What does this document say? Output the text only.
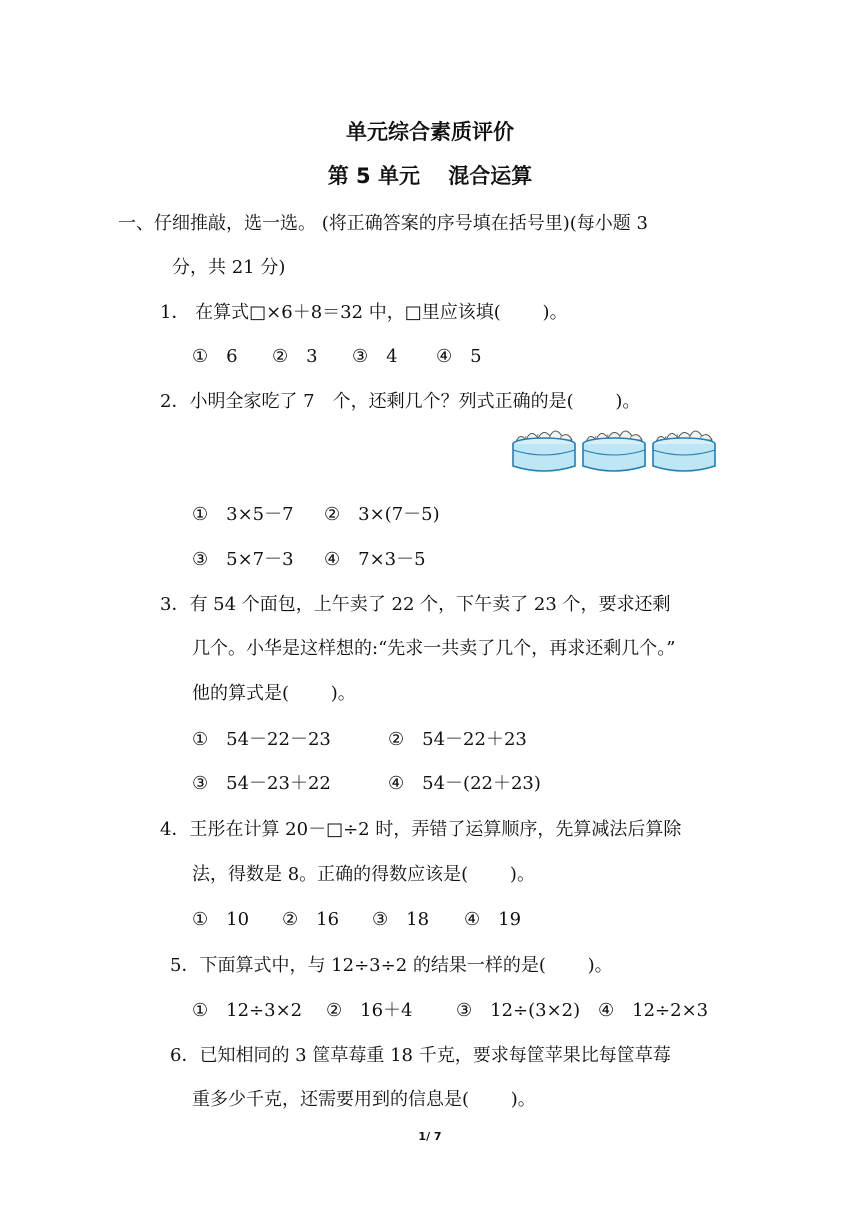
单元综合素质评价
第 5 单元　 混合运算
一、仔细推敲，选一选。 (将正确答案的序号填在括号里)(每小题 3
分，共 21 分)
1． 在算式□×6＋8＝32 中，□里应该填(　　 )。
①　6 ②　3 ③　4 ④　5
2．小明全家吃了 7　个，还剩几个？列式正确的是(　　 )。
①　3×5－7 ②　3×(7－5)
③　5×7－3 ④　7×3－5
3．有 54 个面包，上午卖了 22 个，下午卖了 23 个，要求还剩
几个。小华是这样想的:“先求一共卖了几个，再求还剩几个。”
他的算式是(　　 )。
①　54－22－23	②　54－22＋23
③　54－23＋22	④　54－(22＋23)
4．王彤在计算 20－□÷2 时，弄错了运算顺序，先算减法后算除
法，得数是 8。正确的得数应该是(　　 )。
①　10 ②　16 ③　18 ④　19
5．下面算式中，与 12÷3÷2 的结果一样的是(　　 )。
①　12÷3×2 ②　16＋4 ③　12÷(3×2) ④　12÷2×3
6．已知相同的 3 筐草莓重 18 千克，要求每筐苹果比每筐草莓
重多少千克，还需要用到的信息是(　　 )。
1/ 7
